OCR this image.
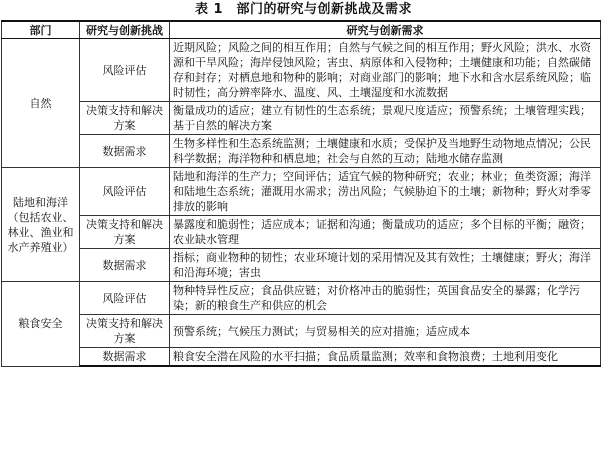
表 1　部门的研究与创新挑战及需求
部门	研究与创新挑战	研究与创新需求
自然	风险评估	近期风险；风险之间的相互作用；自然与气候之间的相互作用；野火风险；洪水、水资源和干旱风险；海岸侵蚀风险；害虫、病原体和入侵物种；土壤健康和功能；自然碳储存和封存；对栖息地和物种的影响；对商业部门的影响；地下水和含水层系统风险；临时韧性；高分辨率降水、温度、风、土壤湿度和水流数据
	决策支持和解决方案	衡量成功的适应；建立有韧性的生态系统；景观尺度适应；预警系统；土壤管理实践；基于自然的解决方案
	数据需求	生物多样性和生态系统监测；土壤健康和水质；受保护及当地野生动物地点情况；公民科学数据；海洋物种和栖息地；社会与自然的互动；陆地水储存监测
陆地和海洋（包括农业、林业、渔业和水产养殖业）	风险评估	陆地和海洋的生产力；空间评估；适宜气候的物种研究；农业；林业；鱼类资源；海洋和陆地生态系统；灌溉用水需求；涝出风险；气候胁迫下的土壤；新物种；野火对季零排放的影响
	决策支持和解决方案	暴露度和脆弱性；适应成本；证据和沟通；衡量成功的适应；多个目标的平衡；融资；农业缺水管理
	数据需求	指标；商业物种的韧性；农业环境计划的采用情况及其有效性；土壤健康；野火；海洋和沿海环境；害虫
粮食安全	风险评估	物种特异性反应；食品供应链；对价格冲击的脆弱性；英国食品安全的暴露；化学污染；新的粮食生产和供应的机会
	决策支持和解决方案	预警系统；气候压力测试；与贸易相关的应对措施；适应成本
	数据需求	粮食安全潜在风险的水平扫描；食品质量监测；效率和食物浪费；土地利用变化
